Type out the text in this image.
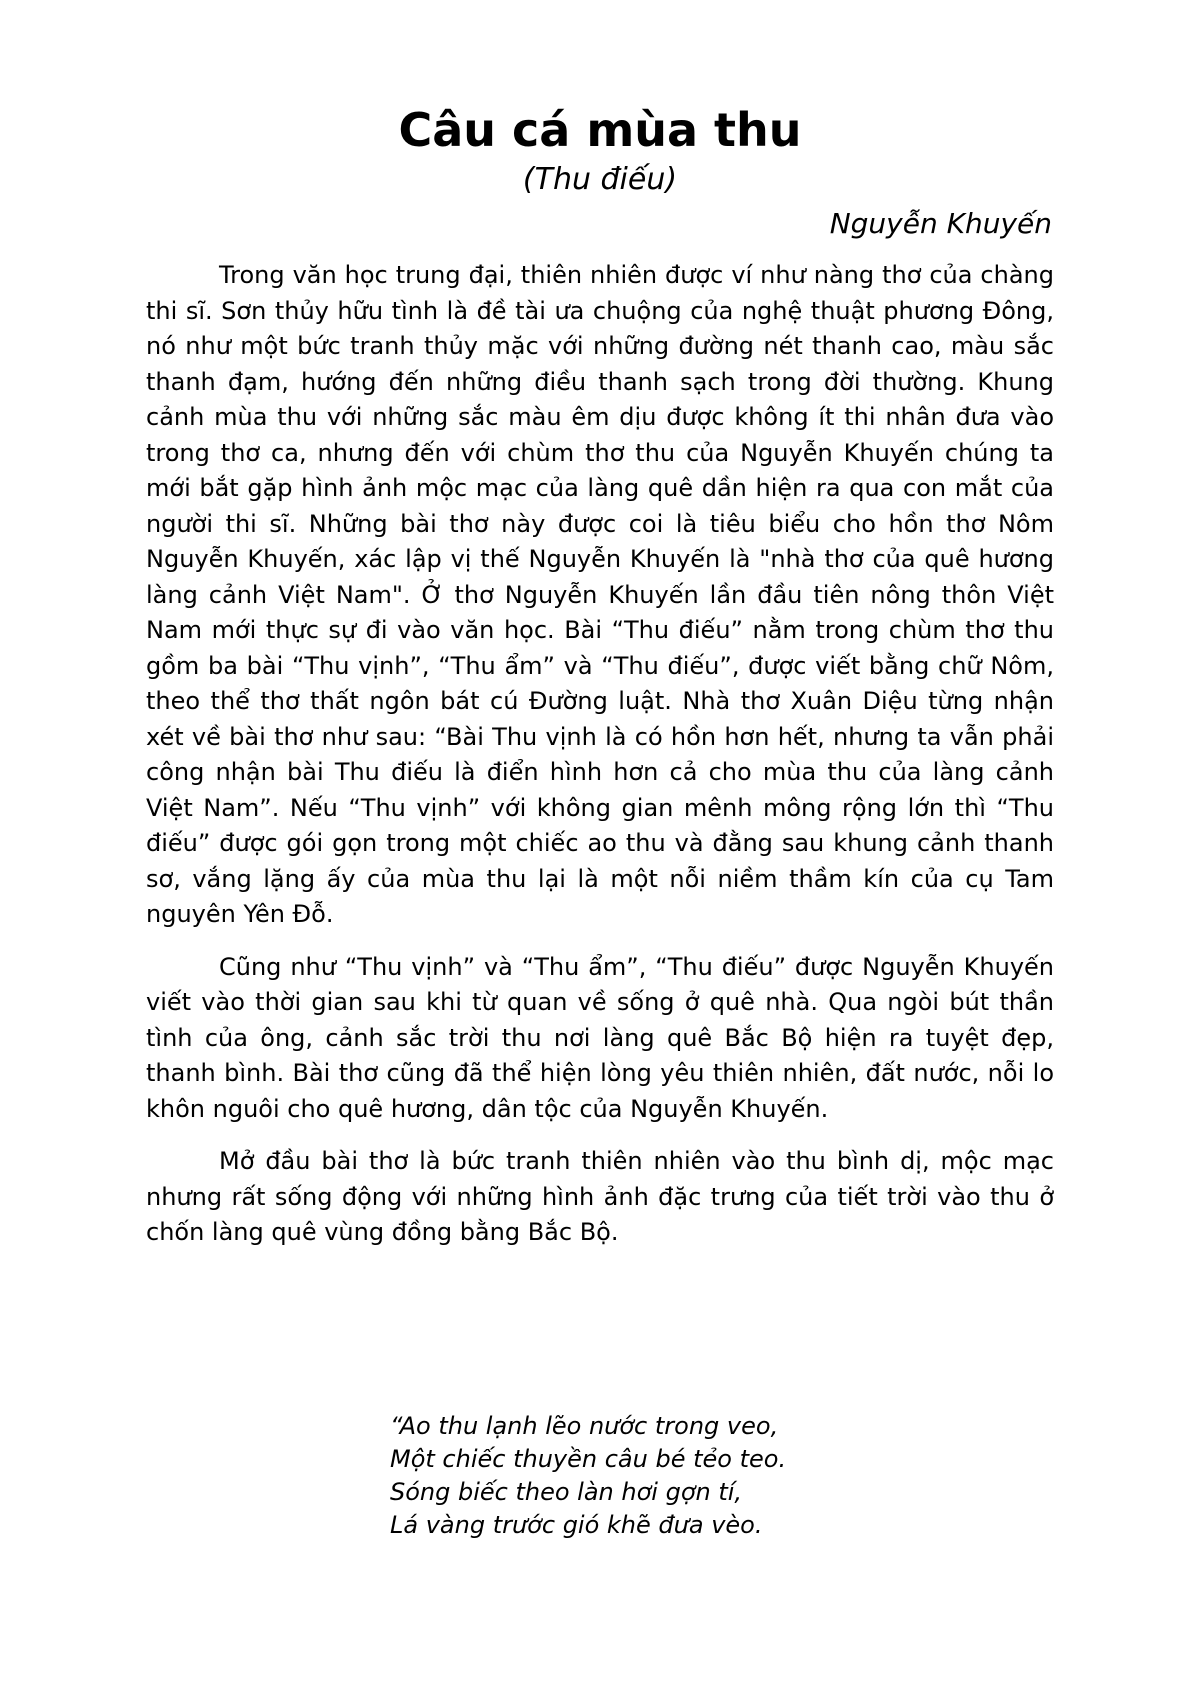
Câu cá mùa thu
(Thu điếu)
Nguyễn Khuyến

Trong văn học trung đại, thiên nhiên được ví như nàng thơ của chàng thi sĩ. Sơn thủy hữu tình là đề tài ưa chuộng của nghệ thuật phương Đông, nó như một bức tranh thủy mặc với những đường nét thanh cao, màu sắc thanh đạm, hướng đến những điều thanh sạch trong đời thường. Khung cảnh mùa thu với những sắc màu êm dịu được không ít thi nhân đưa vào trong thơ ca, nhưng đến với chùm thơ thu của Nguyễn Khuyến chúng ta mới bắt gặp hình ảnh mộc mạc của làng quê dần hiện ra qua con mắt của người thi sĩ. Những bài thơ này được coi là tiêu biểu cho hồn thơ Nôm Nguyễn Khuyến, xác lập vị thế Nguyễn Khuyến là "nhà thơ của quê hương làng cảnh Việt Nam". Ở thơ Nguyễn Khuyến lần đầu tiên nông thôn Việt Nam mới thực sự đi vào văn học. Bài “Thu điếu” nằm trong chùm thơ thu gồm ba bài “Thu vịnh”, “Thu ẩm” và “Thu điếu”, được viết bằng chữ Nôm, theo thể thơ thất ngôn bát cú Đường luật. Nhà thơ Xuân Diệu từng nhận xét về bài thơ như sau: “Bài Thu vịnh là có hồn hơn hết, nhưng ta vẫn phải công nhận bài Thu điếu là điển hình hơn cả cho mùa thu của làng cảnh Việt Nam”. Nếu “Thu vịnh” với không gian mênh mông rộng lớn thì “Thu điếu” được gói gọn trong một chiếc ao thu và đằng sau khung cảnh thanh sơ, vắng lặng ấy của mùa thu lại là một nỗi niềm thầm kín của cụ Tam nguyên Yên Đỗ.

Cũng như “Thu vịnh” và “Thu ẩm”, “Thu điếu” được Nguyễn Khuyến viết vào thời gian sau khi từ quan về sống ở quê nhà. Qua ngòi bút thần tình của ông, cảnh sắc trời thu nơi làng quê Bắc Bộ hiện ra tuyệt đẹp, thanh bình. Bài thơ cũng đã thể hiện lòng yêu thiên nhiên, đất nước, nỗi lo khôn nguôi cho quê hương, dân tộc của Nguyễn Khuyến.

Mở đầu bài thơ là bức tranh thiên nhiên vào thu bình dị, mộc mạc nhưng rất sống động với những hình ảnh đặc trưng của tiết trời vào thu ở chốn làng quê vùng đồng bằng Bắc Bộ.

“Ao thu lạnh lẽo nước trong veo,
Một chiếc thuyền câu bé tẻo teo.
Sóng biếc theo làn hơi gợn tí,
Lá vàng trước gió khẽ đưa vèo.
